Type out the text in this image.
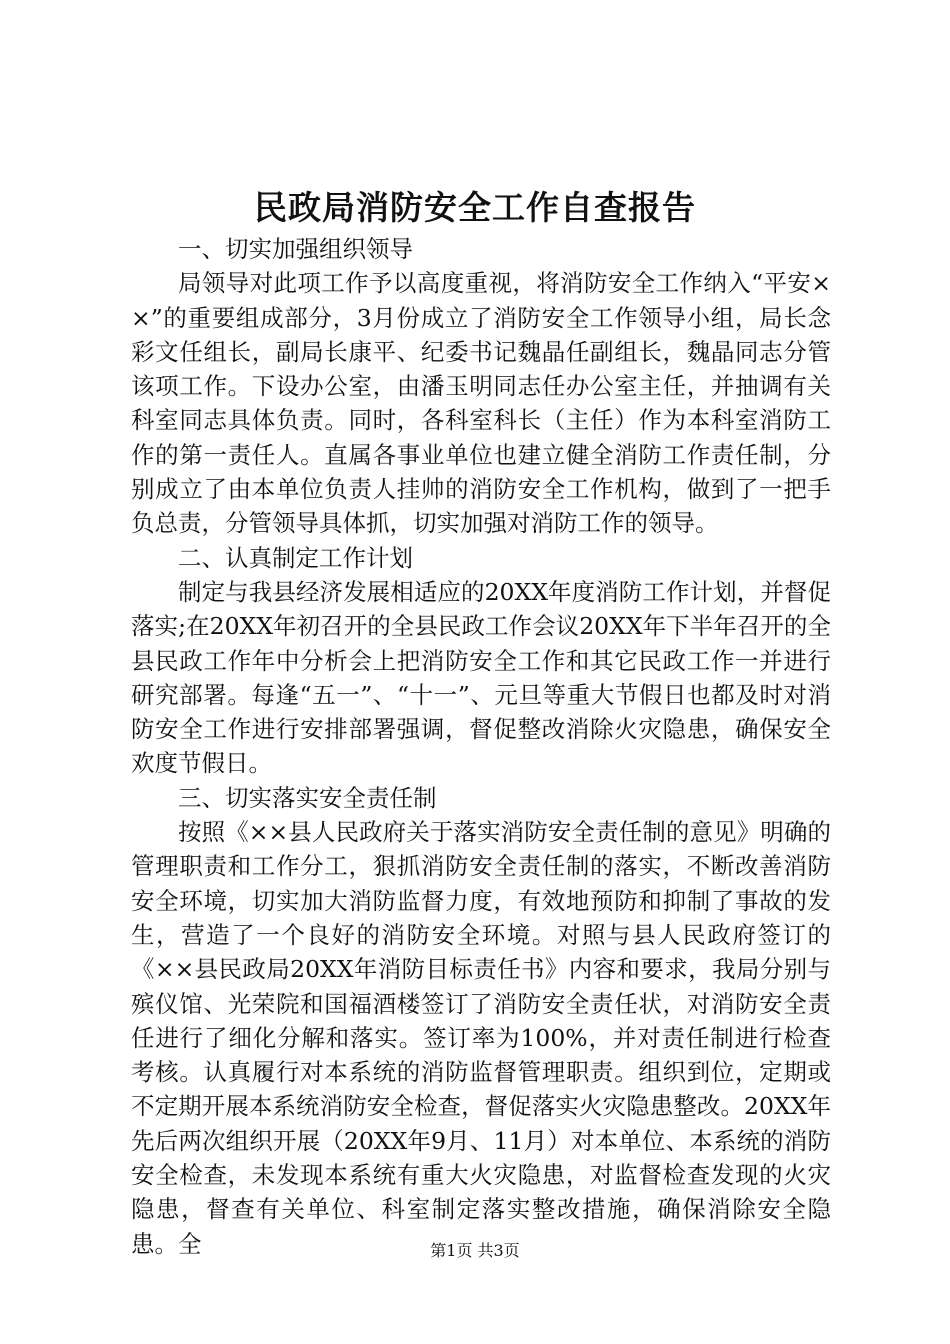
民政局消防安全工作自查报告

一、切实加强组织领导

局领导对此项工作予以高度重视，将消防安全工作纳入“平安××”的重要组成部分，3月份成立了消防安全工作领导小组，局长念彩文任组长，副局长康平、纪委书记魏晶任副组长，魏晶同志分管该项工作。下设办公室，由潘玉明同志任办公室主任，并抽调有关科室同志具体负责。同时，各科室科长（主任）作为本科室消防工作的第一责任人。直属各事业单位也建立健全消防工作责任制，分别成立了由本单位负责人挂帅的消防安全工作机构，做到了一把手负总责，分管领导具体抓，切实加强对消防工作的领导。

二、认真制定工作计划

制定与我县经济发展相适应的20XX年度消防工作计划，并督促落实;在20XX年初召开的全县民政工作会议20XX年下半年召开的全县民政工作年中分析会上把消防安全工作和其它民政工作一并进行研究部署。每逢“五一”、“十一”、元旦等重大节假日也都及时对消防安全工作进行安排部署强调，督促整改消除火灾隐患，确保安全欢度节假日。

三、切实落实安全责任制

按照《××县人民政府关于落实消防安全责任制的意见》明确的管理职责和工作分工，狠抓消防安全责任制的落实，不断改善消防安全环境，切实加大消防监督力度，有效地预防和抑制了事故的发生，营造了一个良好的消防安全环境。对照与县人民政府签订的《××县民政局20XX年消防目标责任书》内容和要求，我局分别与殡仪馆、光荣院和国福酒楼签订了消防安全责任状，对消防安全责任进行了细化分解和落实。签订率为100%，并对责任制进行检查考核。认真履行对本系统的消防监督管理职责。组织到位，定期或不定期开展本系统消防安全检查，督促落实火灾隐患整改。20XX年先后两次组织开展（20XX年9月、11月）对本单位、本系统的消防安全检查，未发现本系统有重大火灾隐患，对监督检查发现的火灾隐患，督查有关单位、科室制定落实整改措施，确保消除安全隐患。全	第1页 共3页
